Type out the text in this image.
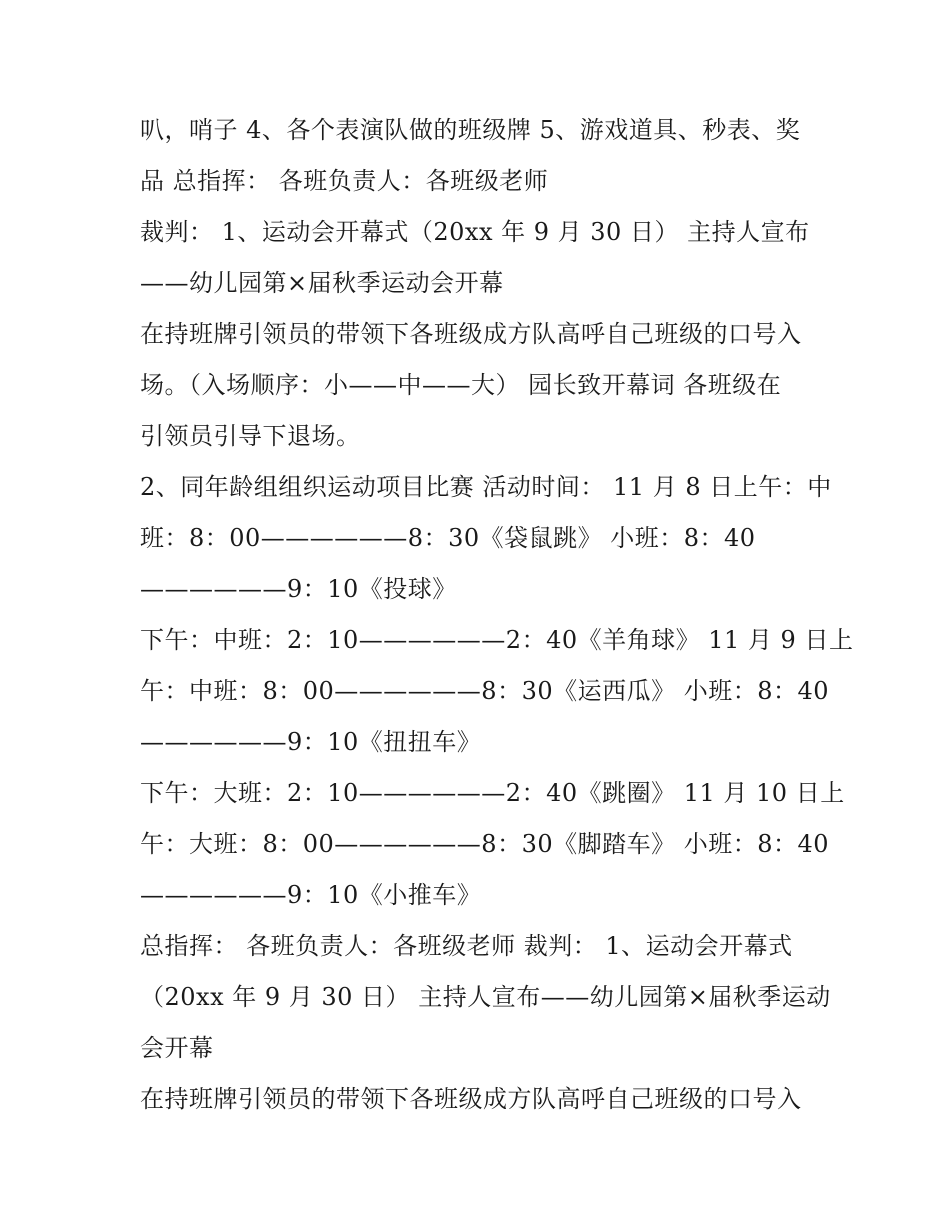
叭，哨子 4、各个表演队做的班级牌 5、游戏道具、秒表、奖
品 总指挥： 各班负责人：各班级老师
裁判： 1、运动会开幕式（20xx 年 9 月 30 日） 主持人宣布
——幼儿园第×届秋季运动会开幕
在持班牌引领员的带领下各班级成方队高呼自己班级的口号入
场。（入场顺序：小——中——大） 园长致开幕词 各班级在
引领员引导下退场。
2、同年龄组组织运动项目比赛 活动时间： 11 月 8 日上午：中
班：8：00——————8：30《袋鼠跳》 小班：8：40
——————9：10《投球》
下午：中班：2：10——————2：40《羊角球》 11 月 9 日上
午：中班：8：00——————8：30《运西瓜》 小班：8：40
——————9：10《扭扭车》
下午：大班：2：10——————2：40《跳圈》 11 月 10 日上
午：大班：8：00——————8：30《脚踏车》 小班：8：40
——————9：10《小推车》
总指挥： 各班负责人：各班级老师 裁判： 1、运动会开幕式
（20xx 年 9 月 30 日） 主持人宣布——幼儿园第×届秋季运动
会开幕
在持班牌引领员的带领下各班级成方队高呼自己班级的口号入
